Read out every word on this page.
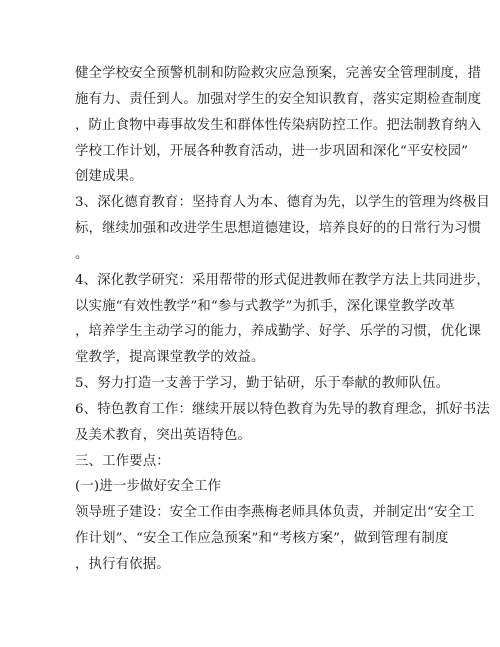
健全学校安全预警机制和防险救灾应急预案，完善安全管理制度，措
施有力、责任到人。加强对学生的安全知识教育，落实定期检查制度
，防止食物中毒事故发生和群体性传染病防控工作。把法制教育纳入
学校工作计划，开展各种教育活动，进一步巩固和深化“平安校园”
创建成果。
3、深化德育教育：坚持育人为本、德育为先，以学生的管理为终极目
标，继续加强和改进学生思想道德建设，培养良好的的日常行为习惯
。
4、深化教学研究：采用帮带的形式促进教师在教学方法上共同进步，
以实施“有效性教学”和“参与式教学”为抓手，深化课堂教学改革
，培养学生主动学习的能力，养成勤学、好学、乐学的习惯，优化课
堂教学，提高课堂教学的效益。
5、努力打造一支善于学习，勤于钻研，乐于奉献的教师队伍。
6、特色教育工作：继续开展以特色教育为先导的教育理念，抓好书法
及美术教育，突出英语特色。
三、工作要点：
(一)进一步做好安全工作
领导班子建设：安全工作由李燕梅老师具体负责，并制定出“安全工
作计划”、“安全工作应急预案”和“考核方案”，做到管理有制度
，执行有依据。
